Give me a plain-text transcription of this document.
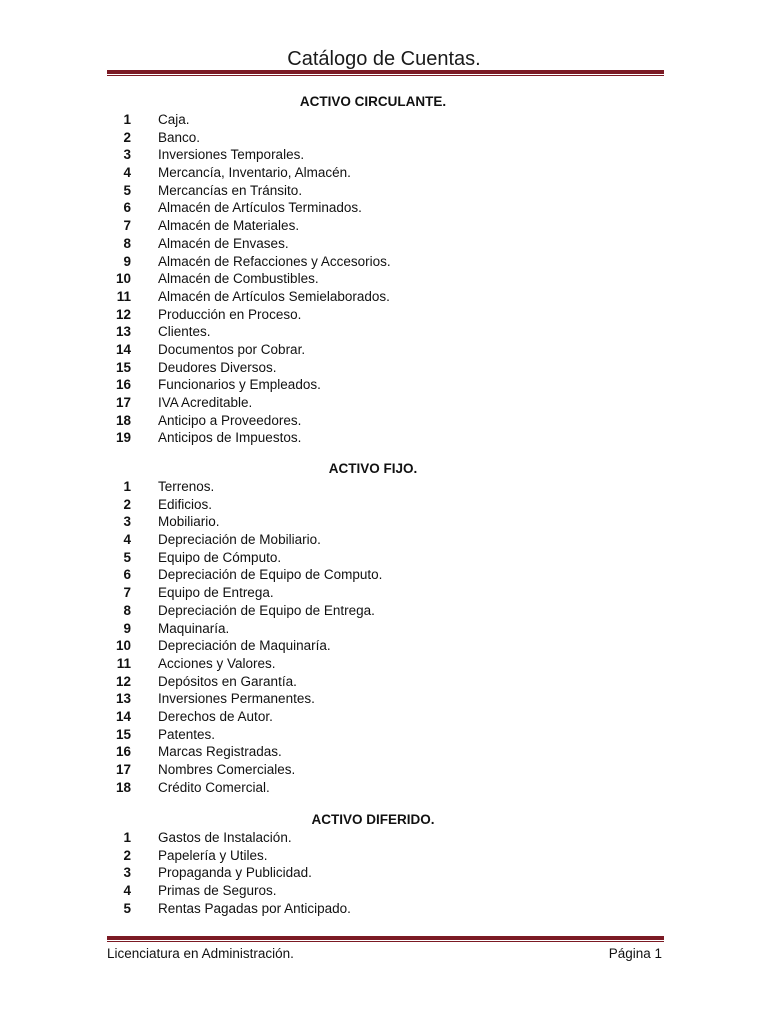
Catálogo de Cuentas.
ACTIVO CIRCULANTE.
1 Caja.
2 Banco.
3 Inversiones Temporales.
4 Mercancía, Inventario, Almacén.
5 Mercancías en Tránsito.
6 Almacén de Artículos Terminados.
7 Almacén de Materiales.
8 Almacén de Envases.
9 Almacén de Refacciones y Accesorios.
10 Almacén de Combustibles.
11 Almacén de Artículos Semielaborados.
12 Producción en Proceso.
13 Clientes.
14 Documentos por Cobrar.
15 Deudores Diversos.
16 Funcionarios y Empleados.
17 IVA Acreditable.
18 Anticipo a Proveedores.
19 Anticipos de Impuestos.
ACTIVO FIJO.
1 Terrenos.
2 Edificios.
3 Mobiliario.
4 Depreciación de Mobiliario.
5 Equipo de Cómputo.
6 Depreciación de Equipo de Computo.
7 Equipo de Entrega.
8 Depreciación de Equipo de Entrega.
9 Maquinaría.
10 Depreciación de Maquinaría.
11 Acciones y Valores.
12 Depósitos en Garantía.
13 Inversiones Permanentes.
14 Derechos de Autor.
15 Patentes.
16 Marcas Registradas.
17 Nombres Comerciales.
18 Crédito Comercial.
ACTIVO DIFERIDO.
1 Gastos de Instalación.
2 Papelería y Utiles.
3 Propaganda y Publicidad.
4 Primas de Seguros.
5 Rentas Pagadas por Anticipado.
Licenciatura en Administración.	Página 1
